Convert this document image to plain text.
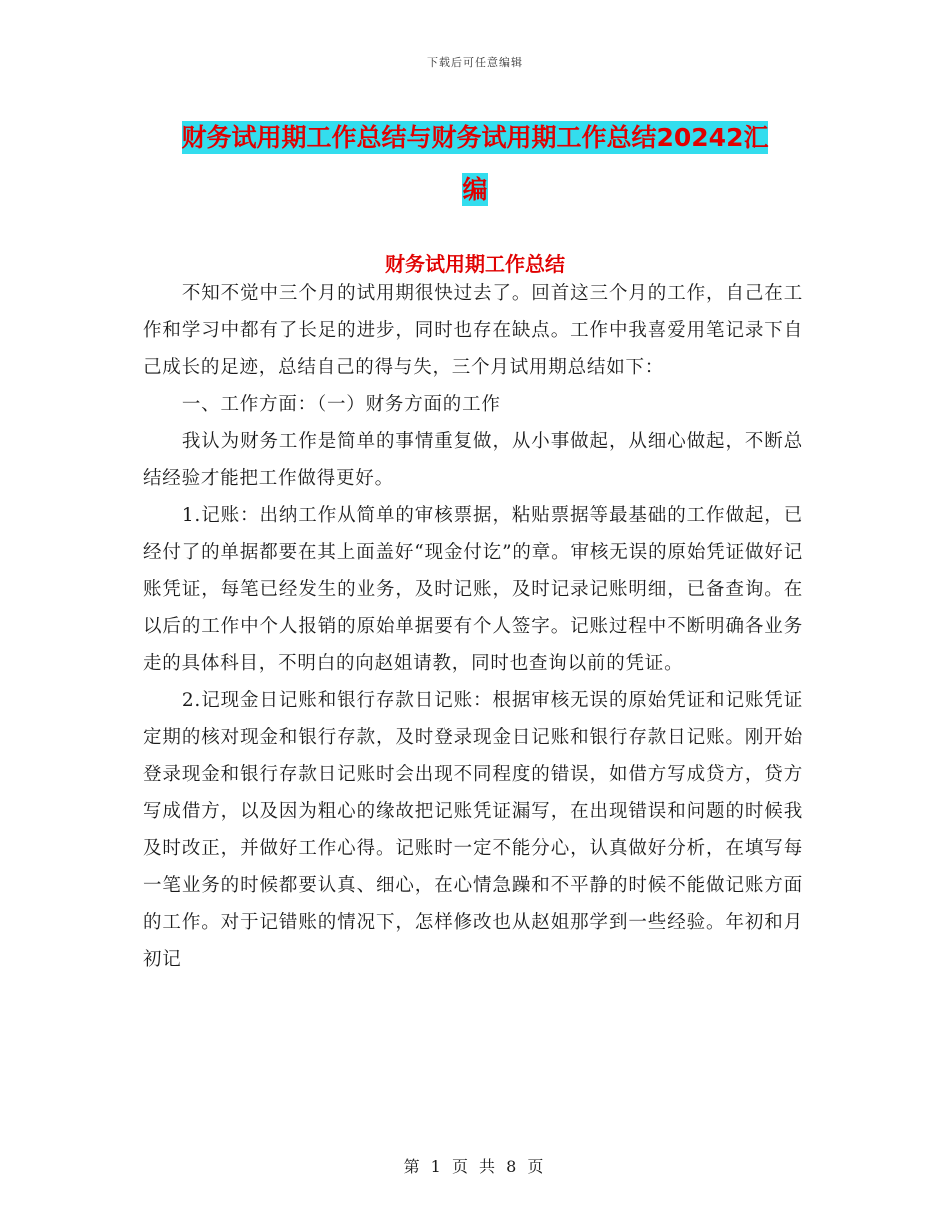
下载后可任意编辑
财务试用期工作总结与财务试用期工作总结20242汇
编
财务试用期工作总结

不知不觉中三个月的试用期很快过去了。回首这三个月的工作，自己在工作和学习中都有了长足的进步，同时也存在缺点。工作中我喜爱用笔记录下自己成长的足迹，总结自己的得与失，三个月试用期总结如下：

一、工作方面：（一）财务方面的工作

我认为财务工作是简单的事情重复做，从小事做起，从细心做起，不断总结经验才能把工作做得更好。

1.记账：出纳工作从简单的审核票据，粘贴票据等最基础的工作做起，已经付了的单据都要在其上面盖好“现金付讫”的章。审核无误的原始凭证做好记账凭证，每笔已经发生的业务，及时记账，及时记录记账明细，已备查询。在以后的工作中个人报销的原始单据要有个人签字。记账过程中不断明确各业务走的具体科目，不明白的向赵姐请教，同时也查询以前的凭证。

2.记现金日记账和银行存款日记账：根据审核无误的原始凭证和记账凭证定期的核对现金和银行存款，及时登录现金日记账和银行存款日记账。刚开始登录现金和银行存款日记账时会出现不同程度的错误，如借方写成贷方，贷方写成借方，以及因为粗心的缘故把记账凭证漏写，在出现错误和问题的时候我及时改正，并做好工作心得。记账时一定不能分心，认真做好分析，在填写每一笔业务的时候都要认真、细心，在心情急躁和不平静的时候不能做记账方面的工作。对于记错账的情况下，怎样修改也从赵姐那学到一些经验。年初和月初记

第 1 页 共 8 页
